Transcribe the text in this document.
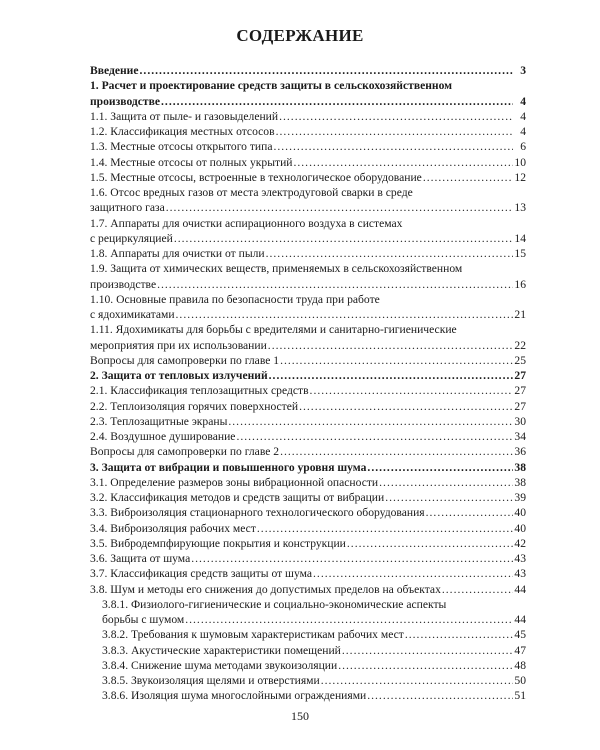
СОДЕРЖАНИЕ
Введение .....	3
1. Расчет и проектирование средств защиты в сельскохозяйственном
производстве .....	4
1.1. Защита от пыле- и газовыделений .....	4
1.2. Классификация местных отсосов .....	4
1.3. Местные отсосы открытого типа .....	6
1.4. Местные отсосы от полных укрытий .....	10
1.5. Местные отсосы, встроенные в технологическое оборудование .....	12
1.6. Отсос вредных газов от места электродуговой сварки в среде
защитного газа .....	13
1.7. Аппараты для очистки аспирационного воздуха в системах
с рециркуляцией .....	14
1.8. Аппараты для очистки от пыли .....	15
1.9. Защита от химических веществ, применяемых в сельскохозяйственном
производстве .....	16
1.10. Основные правила по безопасности труда при работе
с ядохимикатами .....	21
1.11. Ядохимикаты для борьбы с вредителями и санитарно-гигиенические
мероприятия при их использовании .....	22
Вопросы для самопроверки по главе 1 .....	25
2. Защита от тепловых излучений .....	27
2.1. Классификация теплозащитных средств .....	27
2.2. Теплоизоляция горячих поверхностей .....	27
2.3. Теплозащитные экраны .....	30
2.4. Воздушное душирование .....	34
Вопросы для самопроверки по главе 2 .....	36
3. Защита от вибрации и повышенного уровня шума .....	38
3.1. Определение размеров зоны вибрационной опасности .....	38
3.2. Классификация методов и средств защиты от вибрации .....	39
3.3. Виброизоляция стационарного технологического оборудования .....	40
3.4. Виброизоляция рабочих мест .....	40
3.5. Вибродемпфирующие покрытия и конструкции .....	42
3.6. Защита от шума .....	43
3.7. Классификация средств защиты от шума .....	43
3.8. Шум и методы его снижения до допустимых пределов на объектах .....	44
3.8.1. Физиолого-гигиенические и социально-экономические аспекты
борьбы с шумом .....	44
3.8.2. Требования к шумовым характеристикам рабочих мест .....	45
3.8.3. Акустические характеристики помещений .....	47
3.8.4. Снижение шума методами звукоизоляции .....	48
3.8.5. Звукоизоляция щелями и отверстиями .....	50
3.8.6. Изоляция шума многослойными ограждениями .....	51
150
